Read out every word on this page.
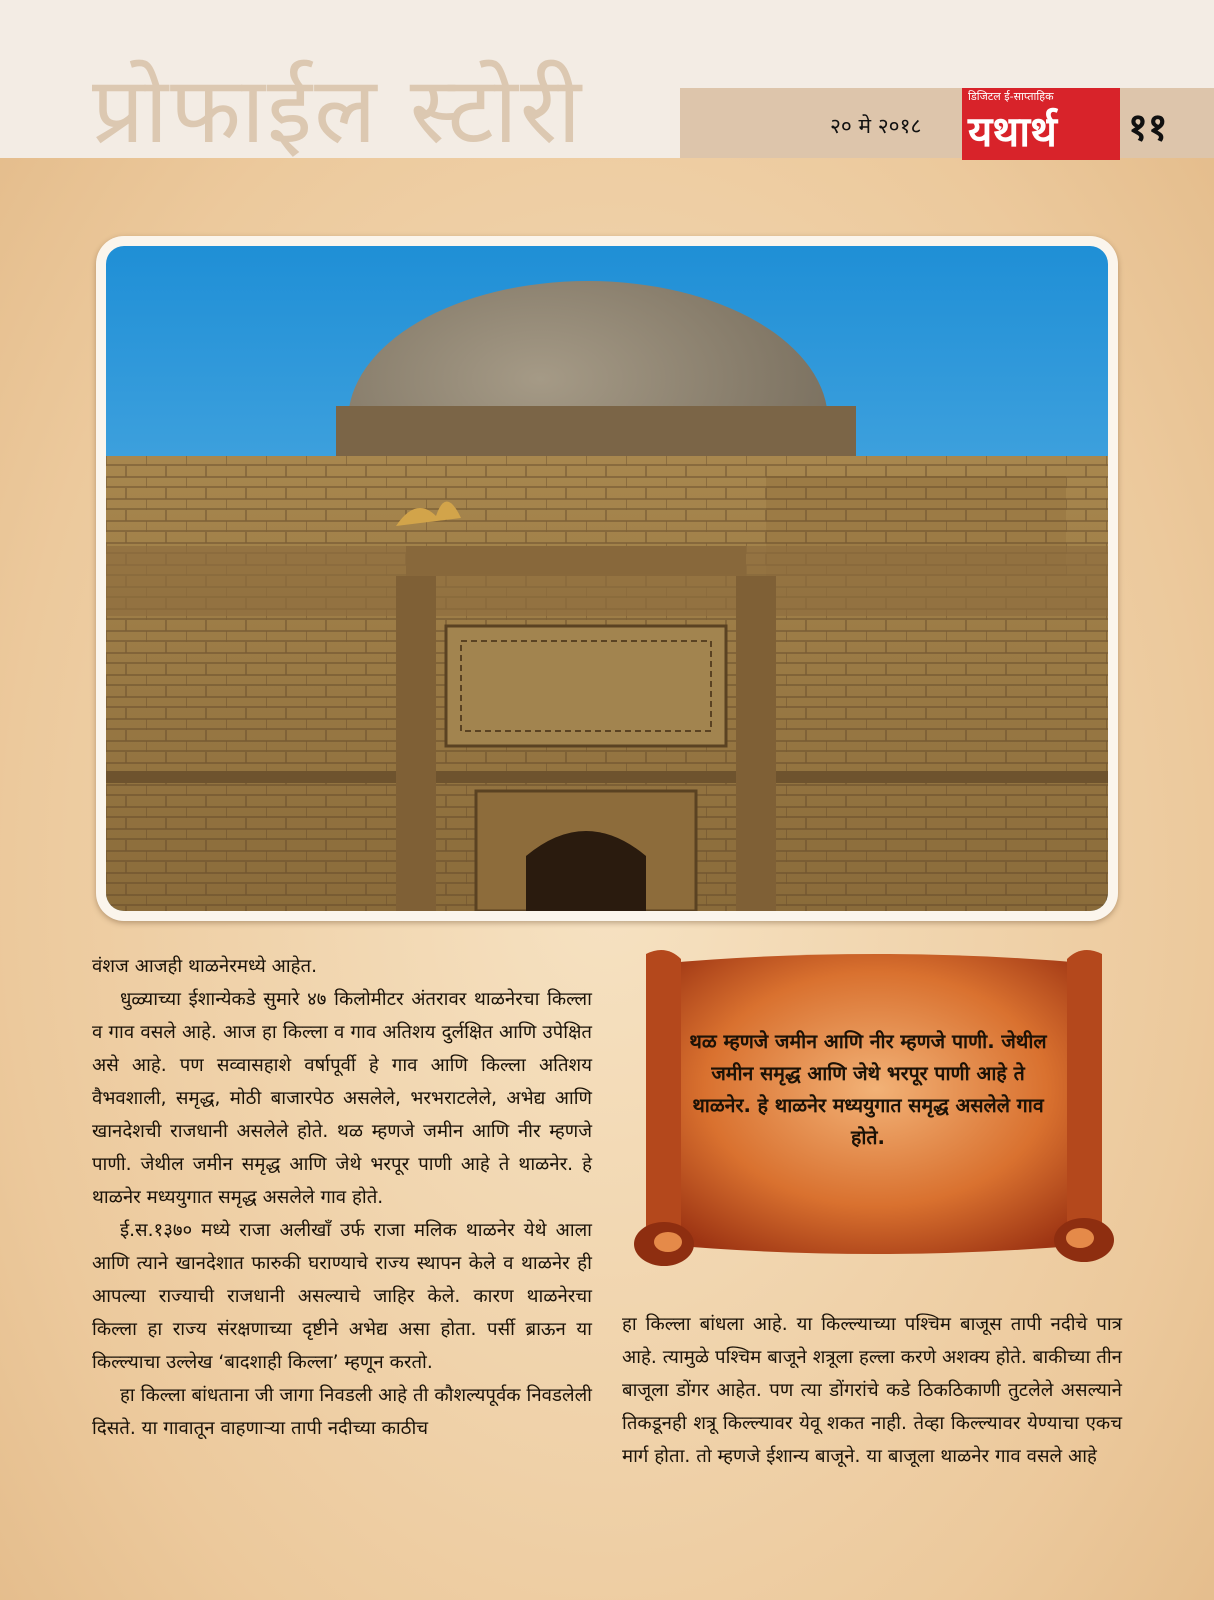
प्रोफाईल स्टोरी	२० मे २०१८
डिजिटल ई-साप्ताहिक
यथार्थ ११

वंशज आजही थाळनेरमध्ये आहेत.

धुळ्याच्या ईशान्येकडे सुमारे ४७ किलोमीटर अंतरावर थाळनेरचा किल्ला व गाव वसले आहे. आज हा किल्ला व गाव अतिशय दुर्लक्षित आणि उपेक्षित असे आहे. पण सव्वासहाशे वर्षापूर्वी हे गाव आणि किल्ला अतिशय वैभवशाली, समृद्ध, मोठी बाजारपेठ असलेले, भरभराटलेले, अभेद्य आणि खानदेशची राजधानी असलेले होते. थळ म्हणजे जमीन आणि नीर म्हणजे पाणी. जेथील जमीन समृद्ध आणि जेथे भरपूर पाणी आहे ते थाळनेर. हे थाळनेर मध्ययुगात समृद्ध असलेले गाव होते.

ई.स.१३७० मध्ये राजा अलीखाँ उर्फ राजा मलिक थाळनेर येथे आला आणि त्याने खानदेशात फारुकी घराण्याचे राज्य स्थापन केले व थाळनेर ही आपल्या राज्याची राजधानी असल्याचे जाहिर केले. कारण थाळनेरचा किल्ला हा राज्य संरक्षणाच्या दृष्टीने अभेद्य असा होता. पर्सी ब्राऊन या किल्ल्याचा उल्लेख ‘बादशाही किल्ला’ म्हणून करतो.

हा किल्ला बांधताना जी जागा निवडली आहे ती कौशल्यपूर्वक निवडलेली दिसते. या गावातून वाहणाऱ्या तापी नदीच्या काठीच

थळ म्हणजे जमीन आणि नीर म्हणजे पाणी. जेथील जमीन समृद्ध आणि जेथे भरपूर पाणी आहे ते थाळनेर. हे थाळनेर मध्ययुगात समृद्ध असलेले गाव होते.

हा किल्ला बांधला आहे. या किल्ल्याच्या पश्चिम बाजूस तापी नदीचे पात्र आहे. त्यामुळे पश्चिम बाजूने शत्रूला हल्ला करणे अशक्य होते. बाकीच्या तीन बाजूला डोंगर आहेत. पण त्या डोंगरांचे कडे ठिकठिकाणी तुटलेले असल्याने तिकडूनही शत्रू किल्ल्यावर येवू शकत नाही. तेव्हा किल्ल्यावर येण्याचा एकच मार्ग होता. तो म्हणजे ईशान्य बाजूने. या बाजूला थाळनेर गाव वसले आहे
